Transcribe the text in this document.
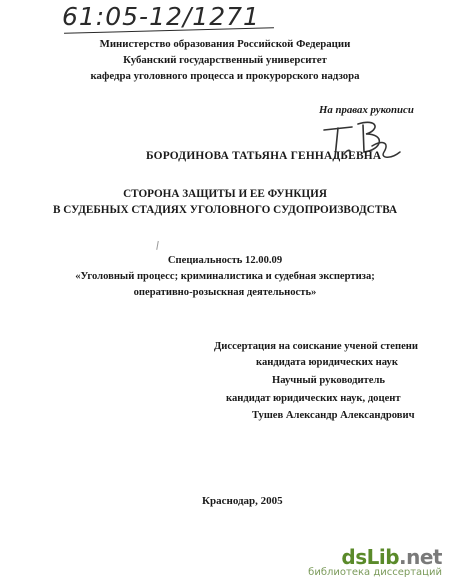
61:05-12/1271
Министерство образования Российской Федерации
Кубанский государственный университет
кафедра уголовного процесса и прокурорского надзора
На правах рукописи
БОРОДИНОВА ТАТЬЯНА ГЕННАДЬЕВНА
СТОРОНА ЗАЩИТЫ И ЕЕ ФУНКЦИЯ
В СУДЕБНЫХ СТАДИЯХ УГОЛОВНОГО СУДОПРОИЗВОДСТВА
Специальность 12.00.09
«Уголовный процесс; криминалистика и судебная экспертиза;
оперативно-розыскная деятельность»
Диссертация на соискание ученой степени
кандидата юридических наук
Научный руководитель
кандидат юридических наук, доцент
Тушев Александр Александрович
Краснодар, 2005
dsLib.net
библиотека диссертаций
